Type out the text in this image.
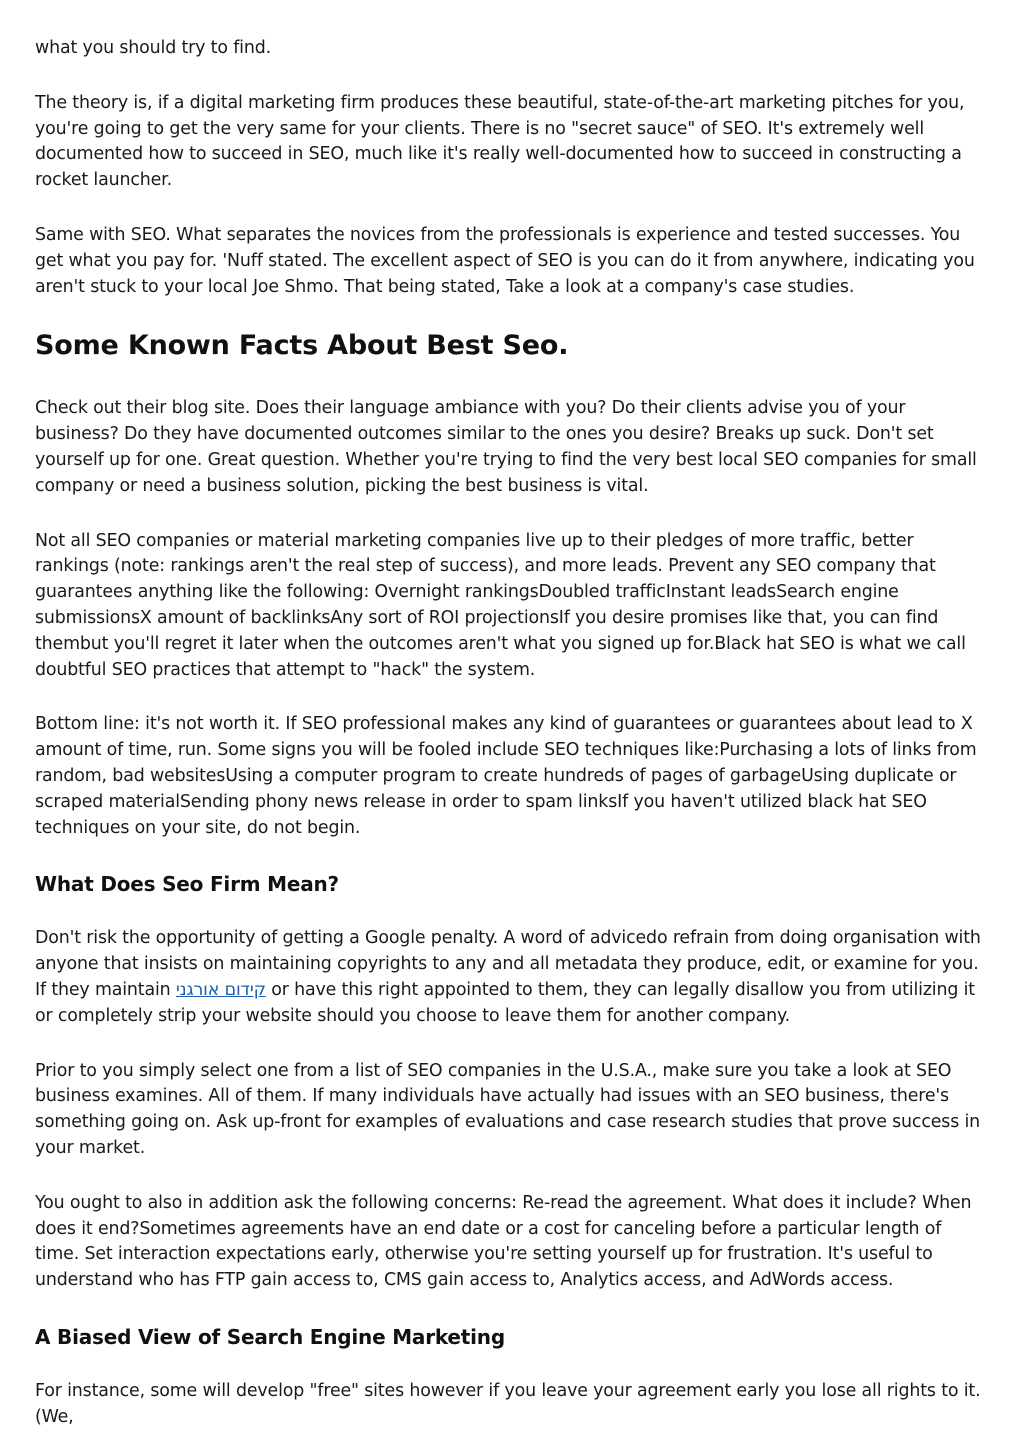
what you should try to find.

The theory is, if a digital marketing firm produces these beautiful, state-of-the-art marketing pitches for you, you're going to get the very same for your clients. There is no "secret sauce" of SEO. It's extremely well documented how to succeed in SEO, much like it's really well-documented how to succeed in constructing a rocket launcher.

Same with SEO. What separates the novices from the professionals is experience and tested successes. You get what you pay for. 'Nuff stated. The excellent aspect of SEO is you can do it from anywhere, indicating you aren't stuck to your local Joe Shmo. That being stated, Take a look at a company's case studies.

Some Known Facts About Best Seo.

Check out their blog site. Does their language ambiance with you? Do their clients advise you of your business? Do they have documented outcomes similar to the ones you desire? Breaks up suck. Don't set yourself up for one. Great question. Whether you're trying to find the very best local SEO companies for small company or need a business solution, picking the best business is vital.

Not all SEO companies or material marketing companies live up to their pledges of more traffic, better rankings (note: rankings aren't the real step of success), and more leads. Prevent any SEO company that guarantees anything like the following: Overnight rankingsDoubled trafficInstant leadsSearch engine submissionsX amount of backlinksAny sort of ROI projectionsIf you desire promises like that, you can find thembut you'll regret it later when the outcomes aren't what you signed up for.Black hat SEO is what we call doubtful SEO practices that attempt to "hack" the system.

Bottom line: it's not worth it. If SEO professional makes any kind of guarantees or guarantees about lead to X amount of time, run. Some signs you will be fooled include SEO techniques like:Purchasing a lots of links from random, bad websitesUsing a computer program to create hundreds of pages of garbageUsing duplicate or scraped materialSending phony news release in order to spam linksIf you haven't utilized black hat SEO techniques on your site, do not begin.

What Does Seo Firm Mean?

Don't risk the opportunity of getting a Google penalty. A word of advicedo refrain from doing organisation with anyone that insists on maintaining copyrights to any and all metadata they produce, edit, or examine for you. If they maintain קידום אורגני or have this right appointed to them, they can legally disallow you from utilizing it or completely strip your website should you choose to leave them for another company.

Prior to you simply select one from a list of SEO companies in the U.S.A., make sure you take a look at SEO business examines. All of them. If many individuals have actually had issues with an SEO business, there's something going on. Ask up-front for examples of evaluations and case research studies that prove success in your market.

You ought to also in addition ask the following concerns: Re-read the agreement. What does it include? When does it end?Sometimes agreements have an end date or a cost for canceling before a particular length of time. Set interaction expectations early, otherwise you're setting yourself up for frustration. It's useful to understand who has FTP gain access to, CMS gain access to, Analytics access, and AdWords access.

A Biased View of Search Engine Marketing

For instance, some will develop "free" sites however if you leave your agreement early you lose all rights to it. (We,
